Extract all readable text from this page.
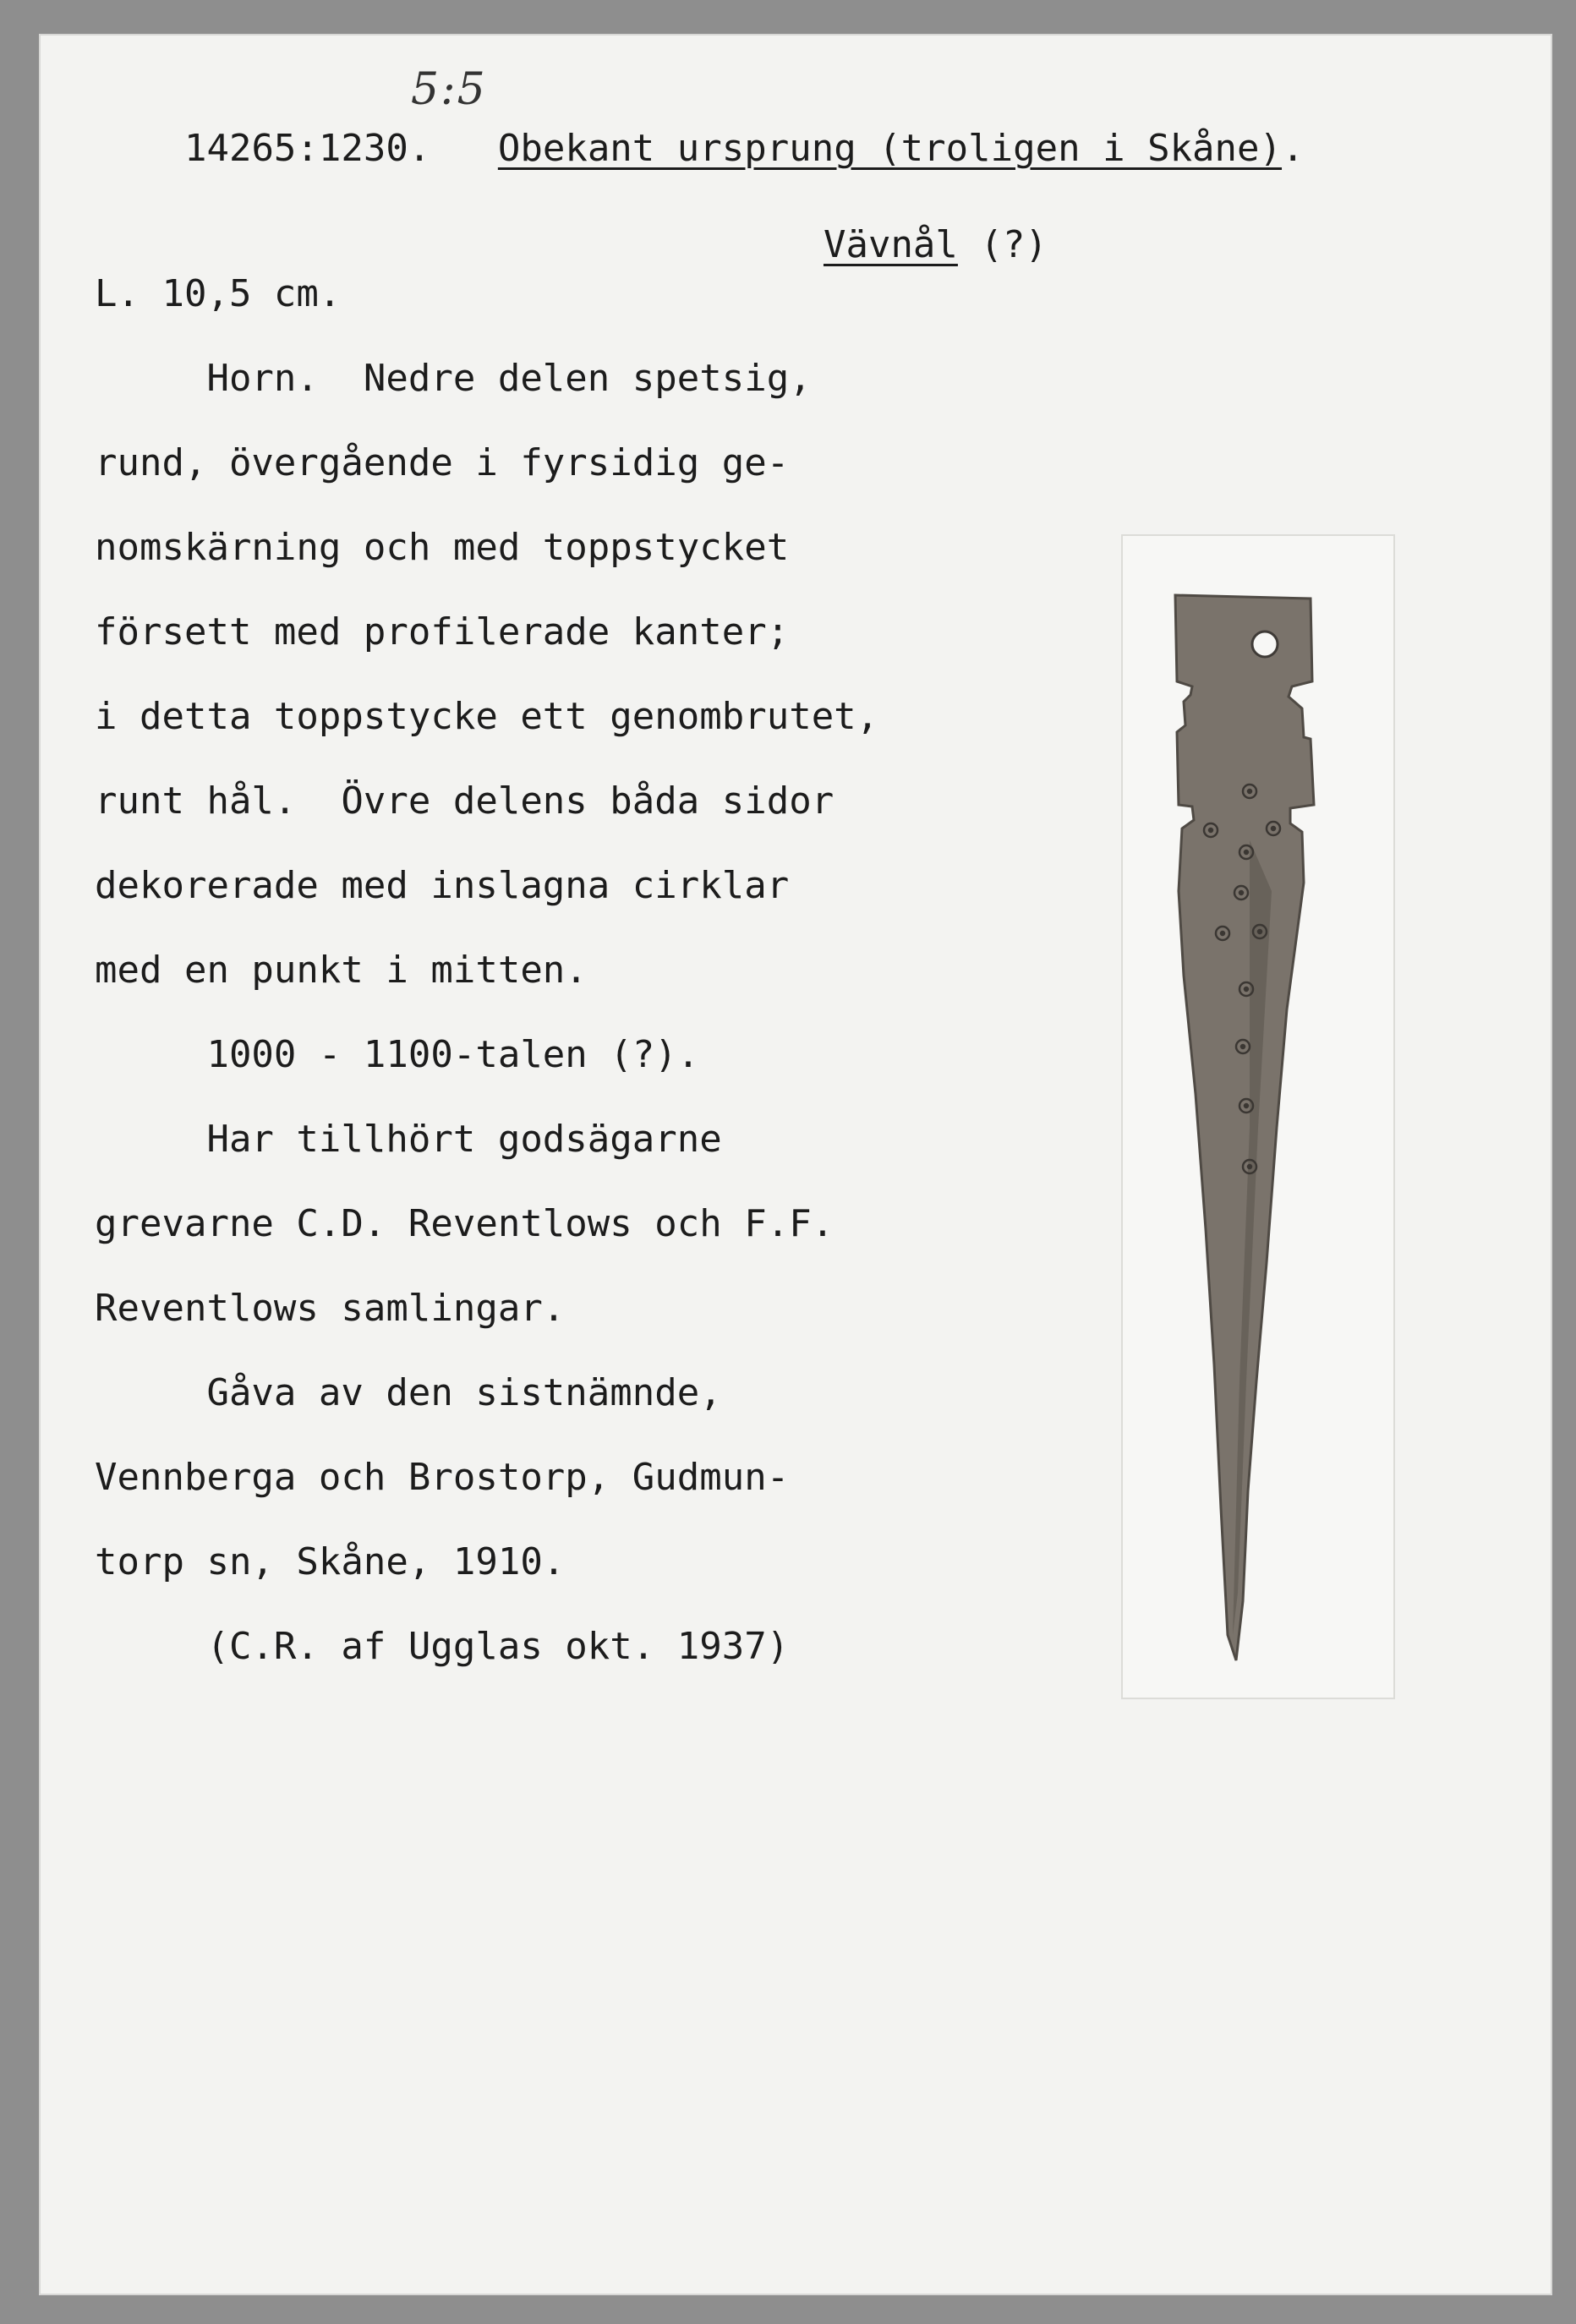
5:5

14265:1230. Obekant ursprung (troligen i Skåne).

Vävnål (?)

L. 10,5 cm.
Horn.  Nedre delen spetsig,
rund, övergående i fyrsidig ge-
nomskärning och med toppstycket
försett med profilerade kanter;
i detta toppstycke ett genombrutet,
runt hål.  Övre delens båda sidor
dekorerade med inslagna cirklar
med en punkt i mitten.
1000 - 1100-talen (?).
Har tillhört godsägarne
grevarne C.D. Reventlows och F.F.
Reventlows samlingar.
Gåva av den sistnämnde,
Vennberga och Brostorp, Gudmun-
torp sn, Skåne, 1910.
(C.R. af Ugglas okt. 1937)
